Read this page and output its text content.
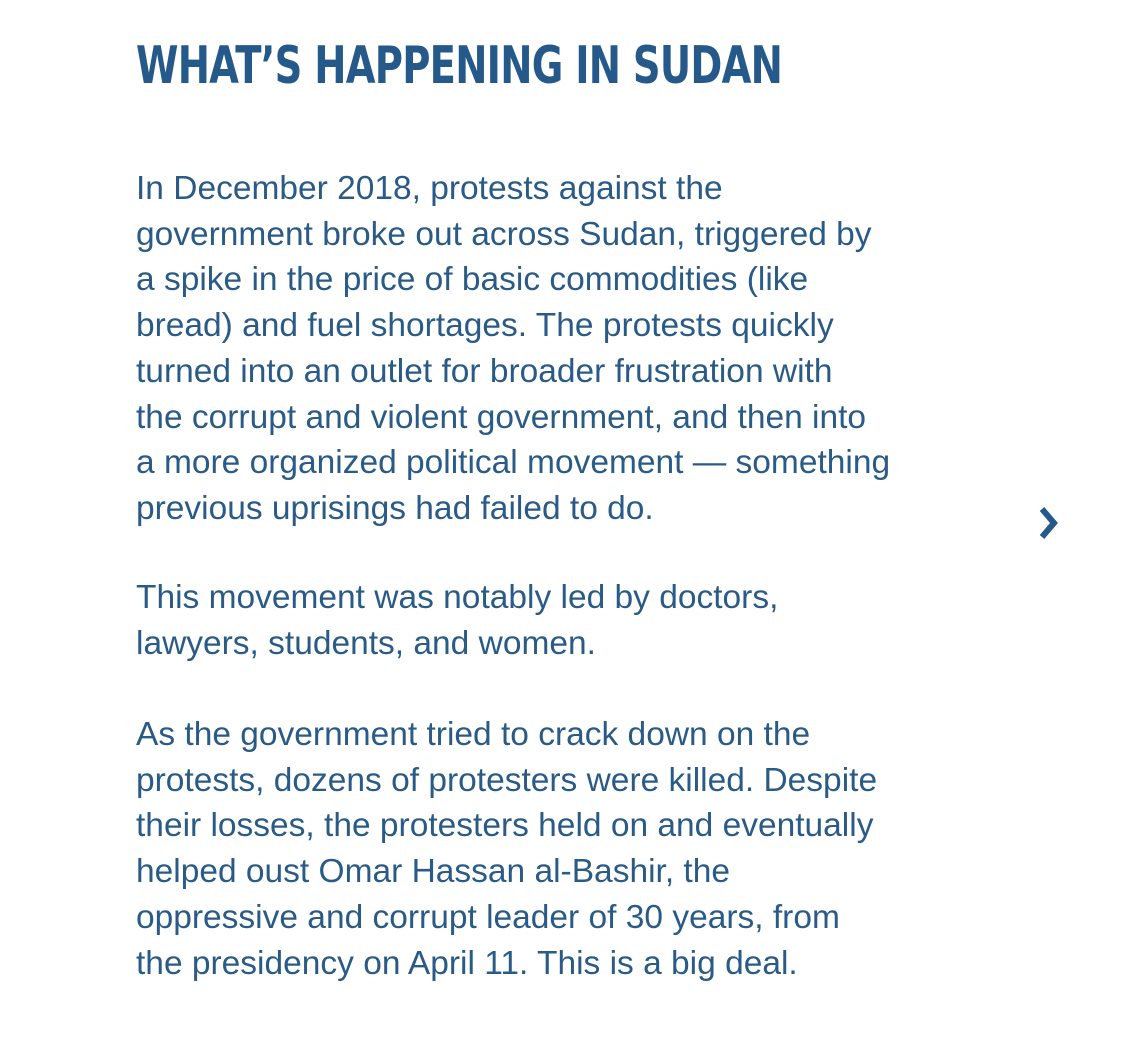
WHAT’S HAPPENING IN SUDAN

In December 2018, protests against the
government broke out across Sudan, triggered by
a spike in the price of basic commodities (like
bread) and fuel shortages. The protests quickly
turned into an outlet for broader frustration with
the corrupt and violent government, and then into
a more organized political movement — something
previous uprisings had failed to do.

This movement was notably led by doctors,
lawyers, students, and women.

As the government tried to crack down on the
protests, dozens of protesters were killed. Despite
their losses, the protesters held on and eventually
helped oust Omar Hassan al-Bashir, the
oppressive and corrupt leader of 30 years, from
the presidency on April 11. This is a big deal.
